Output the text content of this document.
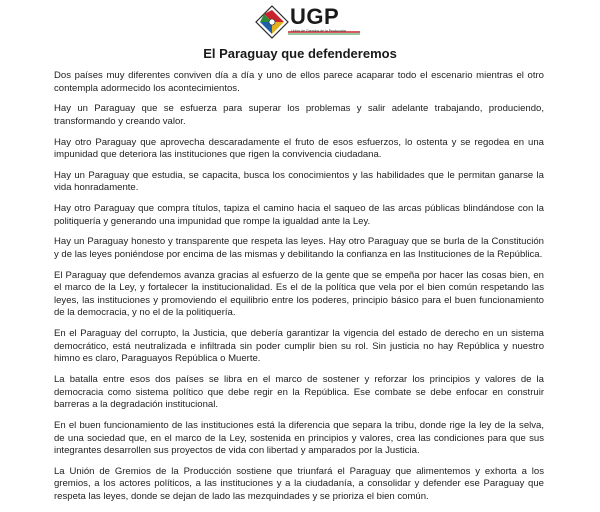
UGP
Unión de Gremios de la Producción
El Paraguay que defenderemos

Dos países muy diferentes conviven día a día y uno de ellos parece acaparar todo el escenario mientras el otro contempla adormecido los acontecimientos.

Hay un Paraguay que se esfuerza para superar los problemas y salir adelante trabajando, produciendo, transformando y creando valor.

Hay otro Paraguay que aprovecha descaradamente el fruto de esos esfuerzos, lo ostenta y se regodea en una impunidad que deteriora las instituciones que rigen la convivencia ciudadana.

Hay un Paraguay que estudia, se capacita, busca los conocimientos y las habilidades que le permitan ganarse la vida honradamente.

Hay otro Paraguay que compra títulos, tapiza el camino hacia el saqueo de las arcas públicas blindándose con la politiquería y generando una impunidad que rompe la igualdad ante la Ley.

Hay un Paraguay honesto y transparente que respeta las leyes. Hay otro Paraguay que se burla de la Constitución y de las leyes poniéndose por encima de las mismas y debilitando la confianza en las Instituciones de la República.

El Paraguay que defendemos avanza gracias al esfuerzo de la gente que se empeña por hacer las cosas bien, en el marco de la Ley, y fortalecer la institucionalidad. Es el de la política que vela por el bien común respetando las leyes, las instituciones y promoviendo el equilibrio entre los poderes, principio básico para el buen funcionamiento de la democracia, y no el de la politiquería.

En el Paraguay del corrupto, la Justicia, que debería garantizar la vigencia del estado de derecho en un sistema democrático, está neutralizada e infiltrada sin poder cumplir bien su rol. Sin justicia no hay República y nuestro himno es claro, Paraguayos República o Muerte.

La batalla entre esos dos países se libra en el marco de sostener y reforzar los principios y valores de la democracia como sistema político que debe regir en la República. Ese combate se debe enfocar en construir barreras a la degradación institucional.

En el buen funcionamiento de las instituciones está la diferencia que separa la tribu, donde rige la ley de la selva, de una sociedad que, en el marco de la Ley, sostenida en principios y valores, crea las condiciones para que sus integrantes desarrollen sus proyectos de vida con libertad y amparados por la Justicia.

La Unión de Gremios de la Producción sostiene que triunfará el Paraguay que alimentemos y exhorta a los gremios, a los actores políticos, a las instituciones y a la ciudadanía, a consolidar y defender ese Paraguay que respeta las leyes, donde se dejan de lado las mezquindades y se prioriza el bien común.
